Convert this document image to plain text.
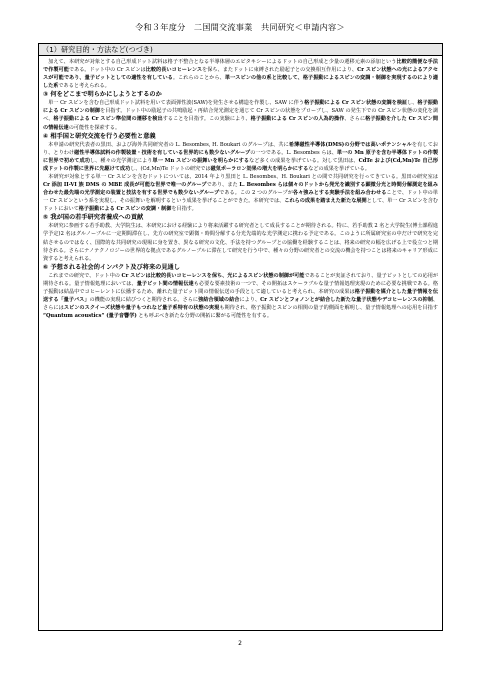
令和３年度分　二国間交流事業　共同研究＜申請内容＞
（1）研究目的・方法など(つづき)

加えて、本研究が対象とする自己形成ドット試料は格子不整合となる半導体層のエピタキシーによるドットの自己形成と少量の遷移元素の添加という比較的簡便な手法で作製可能である。ドット中の Cr スピンは比較的長いコヒーレンスを保ち、またドットに束縛された励起子との交換相互作用により、Cr スピン状態への光によるアクセスが可能であり、量子ビットとしての適性を有している。これらのことから、単一スピンの他の系と比較して、格子振動によるスピンの変調・制御を実現するのにより適した系であると考えられる。

③ 何をどこまで明らかにしようとするのか

単一 Cr スピンを含む自己形成ドット試料を用いて表面弾性波(SAW)を発生させる構造を作製し、SAW に伴う格子振動による Cr スピン状態の変調を検証し、格子振動による Cr スピンの制御を目指す。ドット中の励起子の共鳴励起・再結合発光測定を通じて Cr スピンの状態をプローブし、SAW の発生下での Cr スピン状態の変化を調べ、格子振動による Cr スピン準位間の遷移を検出することを目指す。この実験により、格子振動による Cr スピンの人為的操作、さらに格子振動を介した Cr スピン間の情報伝達の可能性を探索する。

④ 相手国と研究交流を行う必要性と意義

本申請の研究代表者の黒田、および海外共同研究者の L. Besombes, H. Boukari のグループは、共に希薄磁性半導体(DMS)の分野では高いポテンシャルを有しており、とりわけ磁性半導体試料の作製装置・技術を有している世界的にも数少ないグループの一つである。L. Besombes らは、単一の Mn 原子を含む半導体ドットの作製に世界で初めて成功し、種々の光学測定により単一 Mn スピンの振舞いを明らかにするなど多くの成果を挙げている。対して黒田は、CdTe および(Cd,Mn)Te 自己形成ドットの作製に世界に先駆けて成功し、(Cd,Mn)Te ドットの研究では磁気ポーラロン効果の増大を明らかにするなどの成果を挙げている。

本研究が対象とする単一 Cr スピンを含むドットについては、2014 年より黒田と L. Besombes、H. Boukari との間で共同研究を行ってきている。黒田の研究室は Cr 添加 II-VI 族 DMS の MBE 成長が可能な世界で唯一のグループであり、また L. Besombes らは個々のドットから発光を識別する顕微分光と時間分解測定を組み合わせた最先端の光学測定の装置と技法を有する世界でも数少ないグループである。この 2 つのグループが各々強みとする実験手法を組み合わせることで、ドット中の単一 Cr スピンという系を実現し、その振舞いを解明するという成果を挙げることができた。本研究では、これらの成果を踏まえた新たな展開として、単一 Cr スピンを含むドットにおいて格子振動による Cr スピンの変調・制御を目指す。

⑤ 我が国の若手研究者養成への貢献

本研究に参画する若手助教、大学院生は、本研究における経験により将来活躍する研究者として成長することが期待される。特に、若手助教 2 名と大学院生(博士課程進学予定)2 名はグルノーブルに一定期間滞在し、先方の研究室で顕微・時間分解する分光先端的な光学測定に携わる予定である。このように所属研究室の中だけで研究を完結させるのではなく、国際的な共同研究の現場に身を置き、異なる研究の文化、手法を持つグループとの協働を経験することは、将来の研究の幅を広げる上で役立つと期待される。さらにナノテクノロジーの世界的な拠点であるグルノーブルに滞在して研究を行う中で、種々の分野の研究者との交流の機会を持つことは将来のキャリア形成に資すると考えられる。

⑥ 予想される社会的インパクト及び将来の見通し

これまでの研究で、ドット中の Cr スピンは比較的長いコヒーレンスを保ち、光によるスピン状態の制御が可能であることが実証されており、量子ビットとしての応用が期待される。量子情報処理においては、量子ビット間の情報伝達も必要な要素技術の一つで、その開拓はスケーラブルな量子情報処理実現のために必要な挑戦である。格子振動は結晶中でコヒーレントに伝播するため、離れた量子ビット間の情報伝送の手段として適していると考えられ、本研究の成果は格子振動を媒介とした量子情報を伝送する「量子バス」の機能の実現に結びつくと期待される。さらに強結合領域の結合により、Cr スピンとフォノンとが結合した新たな量子状態やデコヒーレンスの抑制、さらにはスピンのスクイーズ状態や量子もつれなど量子系特有の状態の実現も期待され、格子振動とスピンの相関の量子的側面を解明し、量子情報処理への応用を目指す “Quantum acoustics” (量子音響学) とも呼ぶべき新たな分野の開拓に繋がる可能性を有する。

2
